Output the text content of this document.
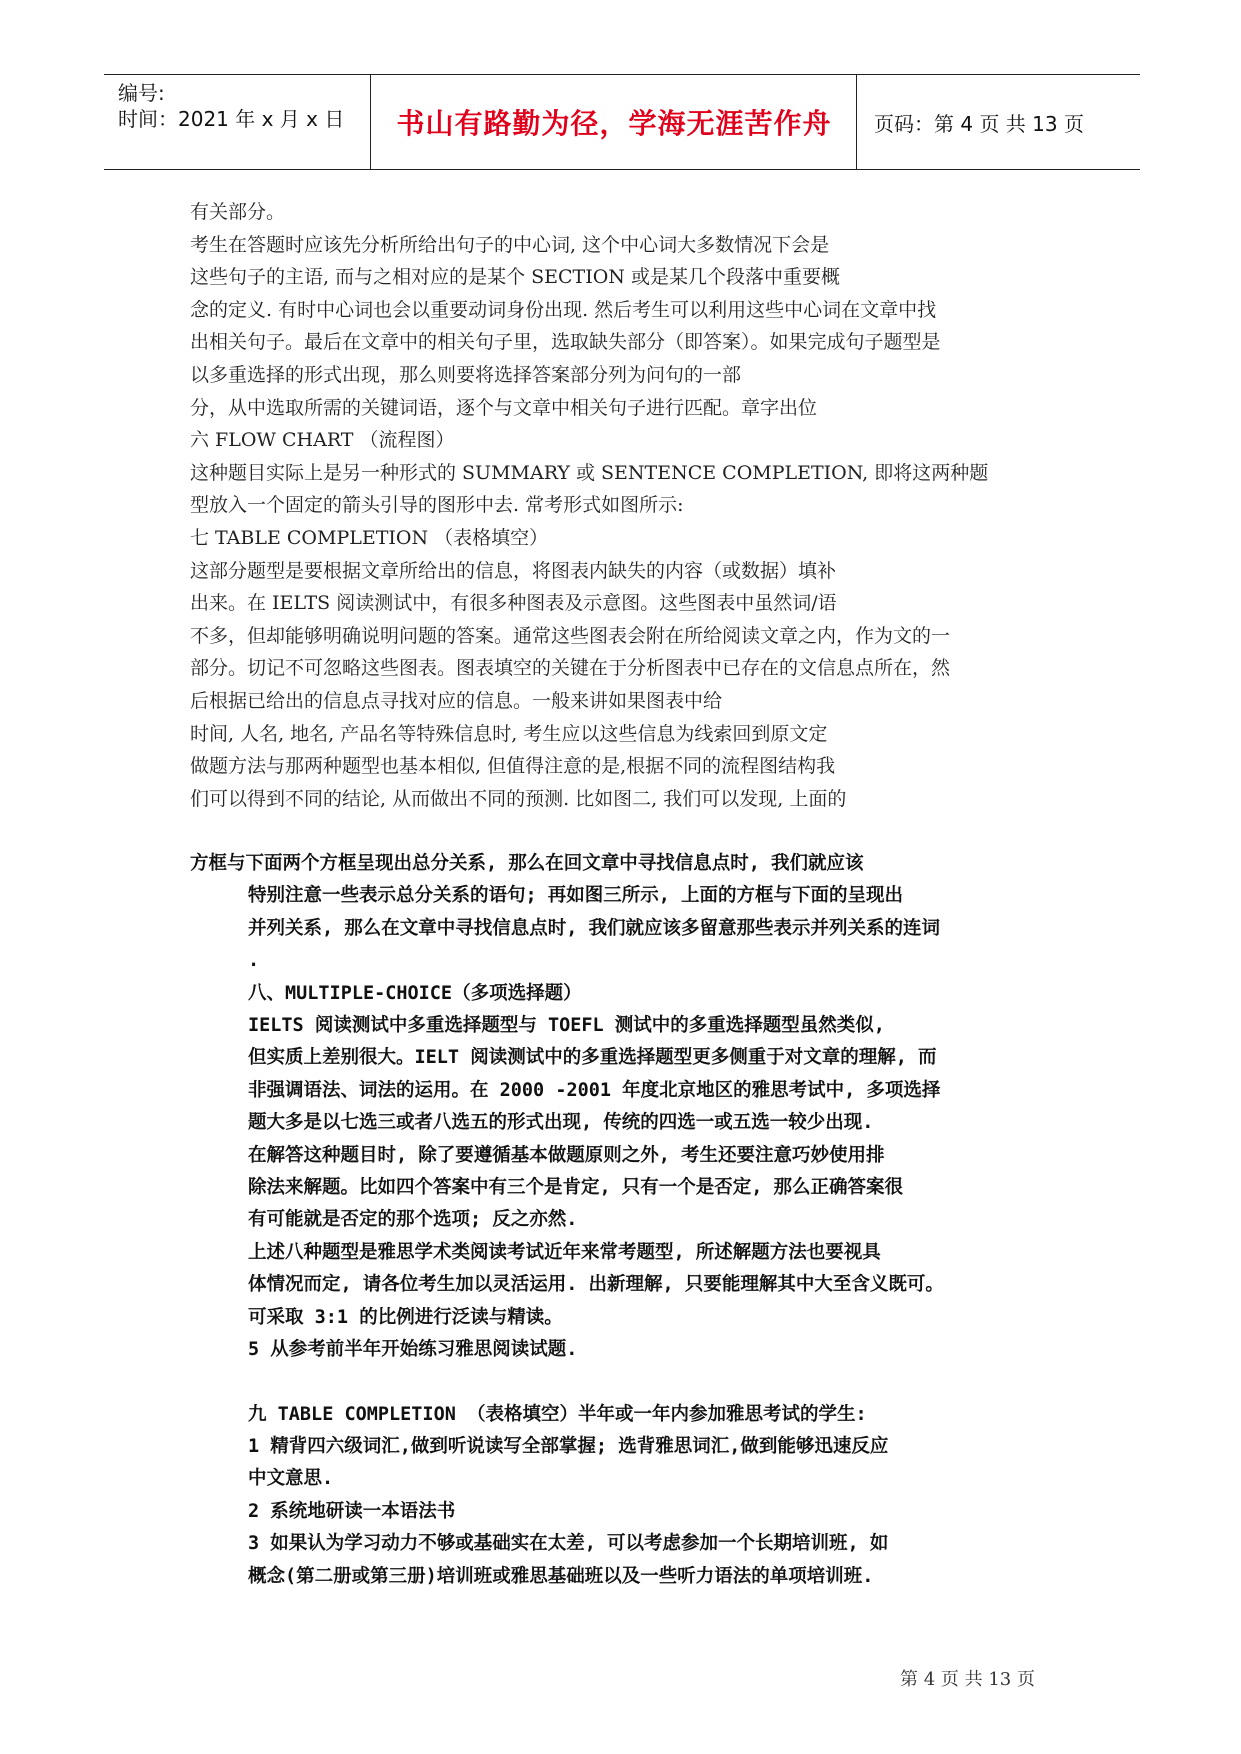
编号:
时间：2021 年 x 月 x 日	书山有路勤为径，学海无涯苦作舟	页码：第 4 页 共 13 页

有关部分。

考生在答题时应该先分析所给出句子的中心词, 这个中心词大多数情况下会是

这些句子的主语, 而与之相对应的是某个 SECTION 或是某几个段落中重要概

念的定义. 有时中心词也会以重要动词身份出现. 然后考生可以利用这些中心词在文章中找

出相关句子。最后在文章中的相关句子里，选取缺失部分（即答案）。如果完成句子题型是

以多重选择的形式出现，那么则要将选择答案部分列为问句的一部

分，从中选取所需的关键词语，逐个与文章中相关句子进行匹配。章字出位

六 FLOW CHART （流程图）

这种题目实际上是另一种形式的 SUMMARY 或 SENTENCE COMPLETION, 即将这两种题

型放入一个固定的箭头引导的图形中去. 常考形式如图所示:

七 TABLE COMPLETION （表格填空）

这部分题型是要根据文章所给出的信息，将图表内缺失的内容（或数据）填补

出来。在 IELTS 阅读测试中，有很多种图表及示意图。这些图表中虽然词/语

不多，但却能够明确说明问题的答案。通常这些图表会附在所给阅读文章之内，作为文的一

部分。切记不可忽略这些图表。图表填空的关键在于分析图表中已存在的文信息点所在，然

后根据已给出的信息点寻找对应的信息。一般来讲如果图表中给

时间, 人名, 地名, 产品名等特殊信息时, 考生应以这些信息为线索回到原文定

做题方法与那两种题型也基本相似, 但值得注意的是,根据不同的流程图结构我

们可以得到不同的结论, 从而做出不同的预测. 比如图二, 我们可以发现, 上面的

方框与下面两个方框呈现出总分关系, 那么在回文章中寻找信息点时, 我们就应该

特别注意一些表示总分关系的语句; 再如图三所示, 上面的方框与下面的呈现出

并列关系, 那么在文章中寻找信息点时, 我们就应该多留意那些表示并列关系的连词

.

八、MULTIPLE-CHOICE（多项选择题）

IELTS 阅读测试中多重选择题型与 TOEFL 测试中的多重选择题型虽然类似,

但实质上差别很大。IELT 阅读测试中的多重选择题型更多侧重于对文章的理解, 而

非强调语法、词法的运用。在 2000 -2001 年度北京地区的雅思考试中, 多项选择

题大多是以七选三或者八选五的形式出现, 传统的四选一或五选一较少出现.

在解答这种题目时, 除了要遵循基本做题原则之外, 考生还要注意巧妙使用排

除法来解题。比如四个答案中有三个是肯定, 只有一个是否定, 那么正确答案很

有可能就是否定的那个选项; 反之亦然.

上述八种题型是雅思学术类阅读考试近年来常考题型, 所述解题方法也要视具

体情况而定, 请各位考生加以灵活运用. 出新理解, 只要能理解其中大至含义既可。

可采取 3:1 的比例进行泛读与精读。

5 从参考前半年开始练习雅思阅读试题.

九 TABLE COMPLETION （表格填空）半年或一年内参加雅思考试的学生:

1 精背四六级词汇,做到听说读写全部掌握; 选背雅思词汇,做到能够迅速反应

中文意思.

2 系统地研读一本语法书

3 如果认为学习动力不够或基础实在太差, 可以考虑参加一个长期培训班, 如

概念(第二册或第三册)培训班或雅思基础班以及一些听力语法的单项培训班.

第 4 页 共 13 页
